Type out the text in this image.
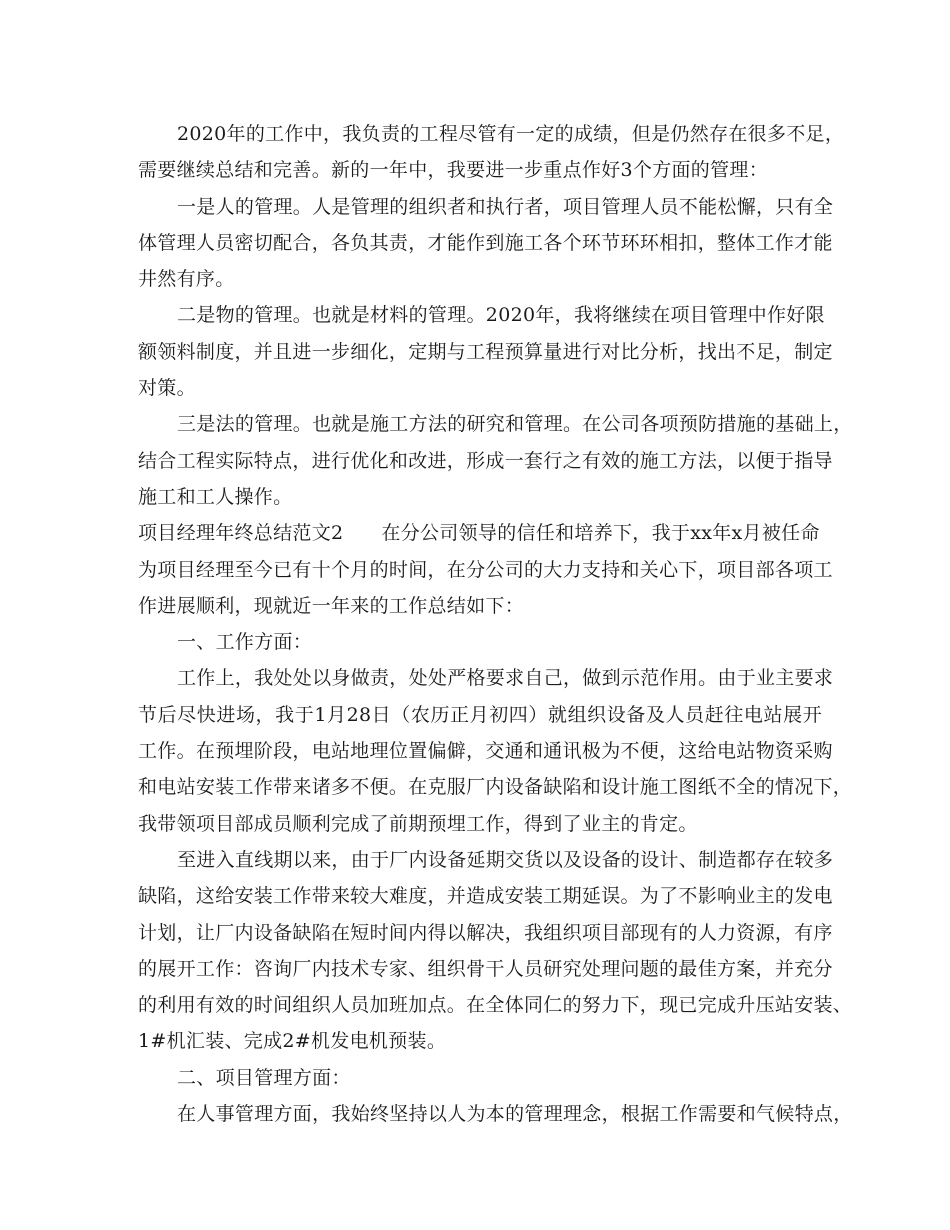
2020年的工作中，我负责的工程尽管有一定的成绩，但是仍然存在很多不足，
需要继续总结和完善。新的一年中，我要进一步重点作好3个方面的管理：
一是人的管理。人是管理的组织者和执行者，项目管理人员不能松懈，只有全
体管理人员密切配合，各负其责，才能作到施工各个环节环环相扣，整体工作才能
井然有序。
二是物的管理。也就是材料的管理。2020年，我将继续在项目管理中作好限
额领料制度，并且进一步细化，定期与工程预算量进行对比分析，找出不足，制定
对策。
三是法的管理。也就是施工方法的研究和管理。在公司各项预防措施的基础上，
结合工程实际特点，进行优化和改进，形成一套行之有效的施工方法，以便于指导
施工和工人操作。
项目经理年终总结范文2 在分公司领导的信任和培养下，我于xx年x月被任命
为项目经理至今已有十个月的时间，在分公司的大力支持和关心下，项目部各项工
作进展顺利，现就近一年来的工作总结如下：
一、工作方面：
工作上，我处处以身做责，处处严格要求自己，做到示范作用。由于业主要求
节后尽快进场，我于1月28日（农历正月初四）就组织设备及人员赶往电站展开
工作。在预埋阶段，电站地理位置偏僻，交通和通讯极为不便，这给电站物资采购
和电站安装工作带来诸多不便。在克服厂内设备缺陷和设计施工图纸不全的情况下，
我带领项目部成员顺利完成了前期预埋工作，得到了业主的肯定。
至进入直线期以来，由于厂内设备延期交货以及设备的设计、制造都存在较多
缺陷，这给安装工作带来较大难度，并造成安装工期延误。为了不影响业主的发电
计划，让厂内设备缺陷在短时间内得以解决，我组织项目部现有的人力资源，有序
的展开工作：咨询厂内技术专家、组织骨干人员研究处理问题的最佳方案，并充分
的利用有效的时间组织人员加班加点。在全体同仁的努力下，现已完成升压站安装、
1#机汇装、完成2#机发电机预装。
二、项目管理方面：
在人事管理方面，我始终坚持以人为本的管理理念，根据工作需要和气候特点，
